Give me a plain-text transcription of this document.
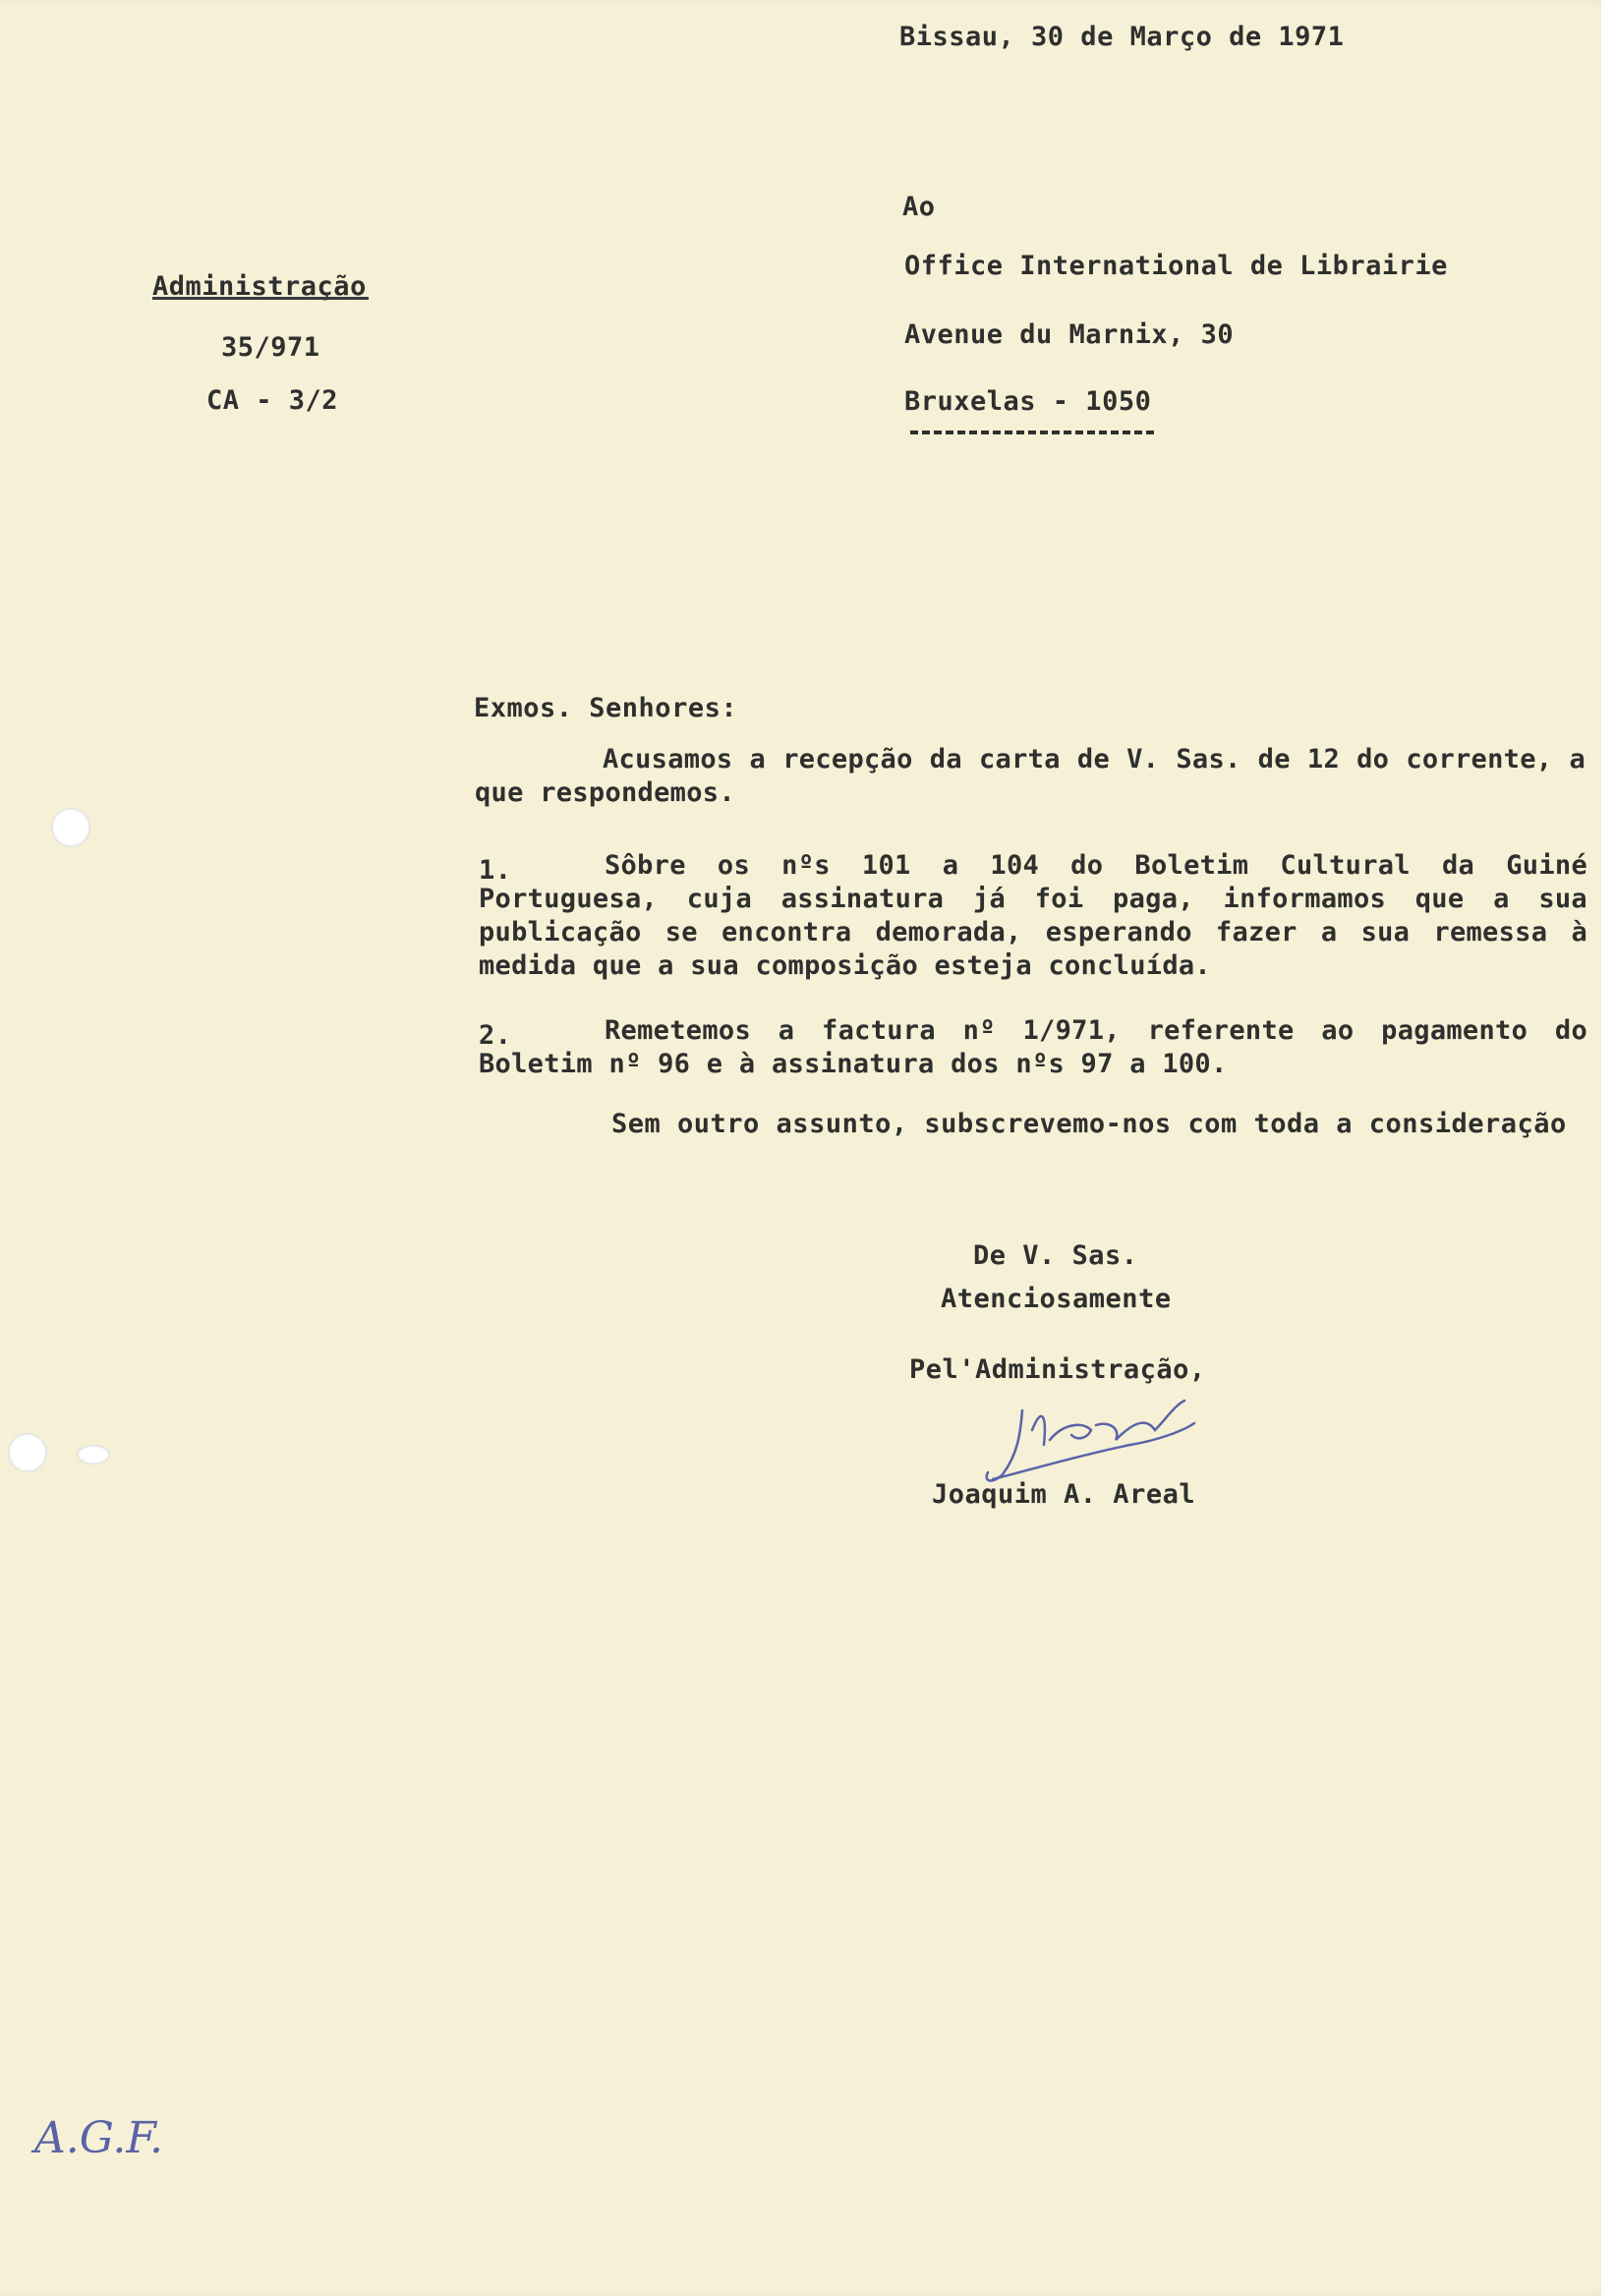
Bissau, 30 de Março de 1971
Ao
Office International de Librairie
Avenue du Marnix, 30
Bruxelas - 1050
Administração
35/971
CA - 3/2
Exmos. Senhores:
Acusamos a recepção da carta de V. Sas. de 12 do corrente, a que respondemos.
1.	Sôbre os nºs 101 a 104 do Boletim Cultural da Guiné Portuguesa, cuja assinatura já foi paga, informamos que a sua publicação se encontra demorada, esperando fazer a sua remessa à medida que a sua composição esteja concluída.
2.	Remetemos a factura nº 1/971, referente ao pagamento do Boletim nº 96 e à assinatura dos nºs 97 a 100.
Sem outro assunto, subscrevemo-nos com toda a consideração
De V. Sas.
Atenciosamente
Pel'Administração,
Joaquim A. Areal
A.G.F.
